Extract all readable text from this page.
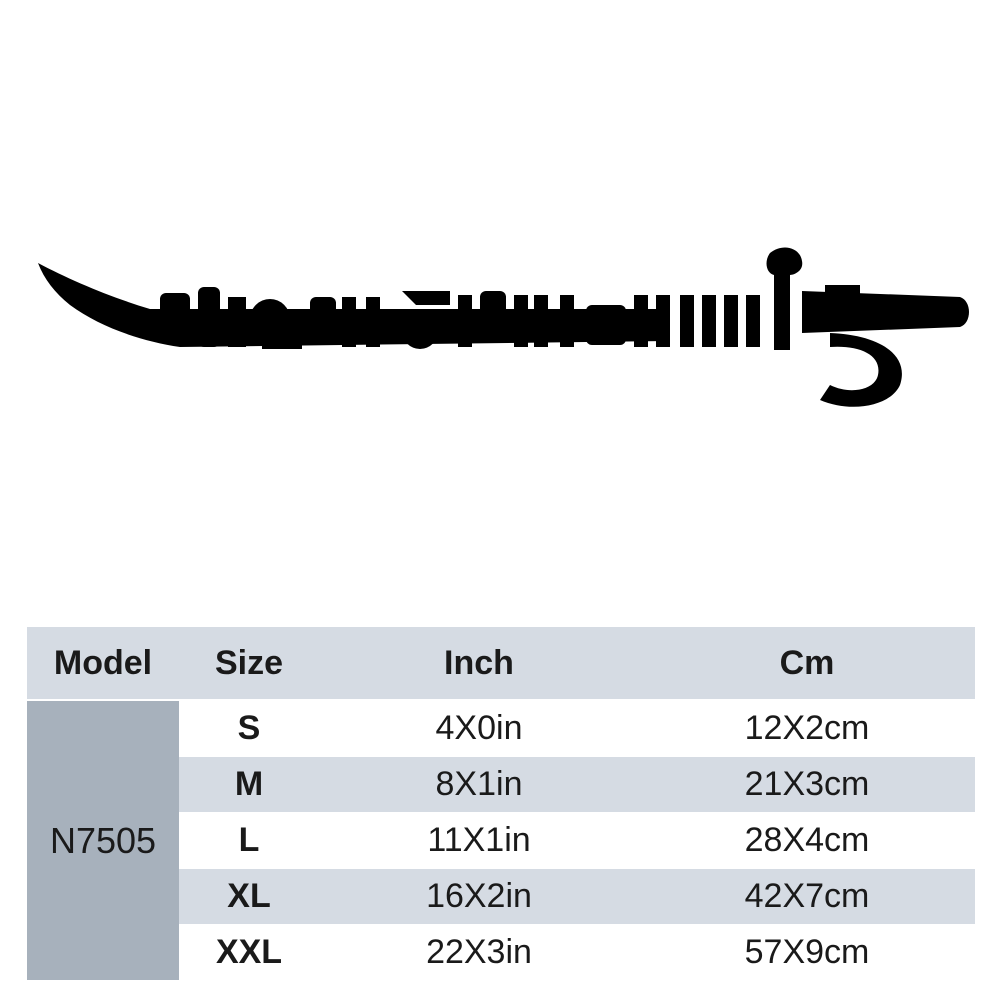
Model	Size	Inch	Cm
N7505	S	4X0in	12X2cm
	M	8X1in	21X3cm
	L	11X1in	28X4cm
	XL	16X2in	42X7cm
	XXL	22X3in	57X9cm
